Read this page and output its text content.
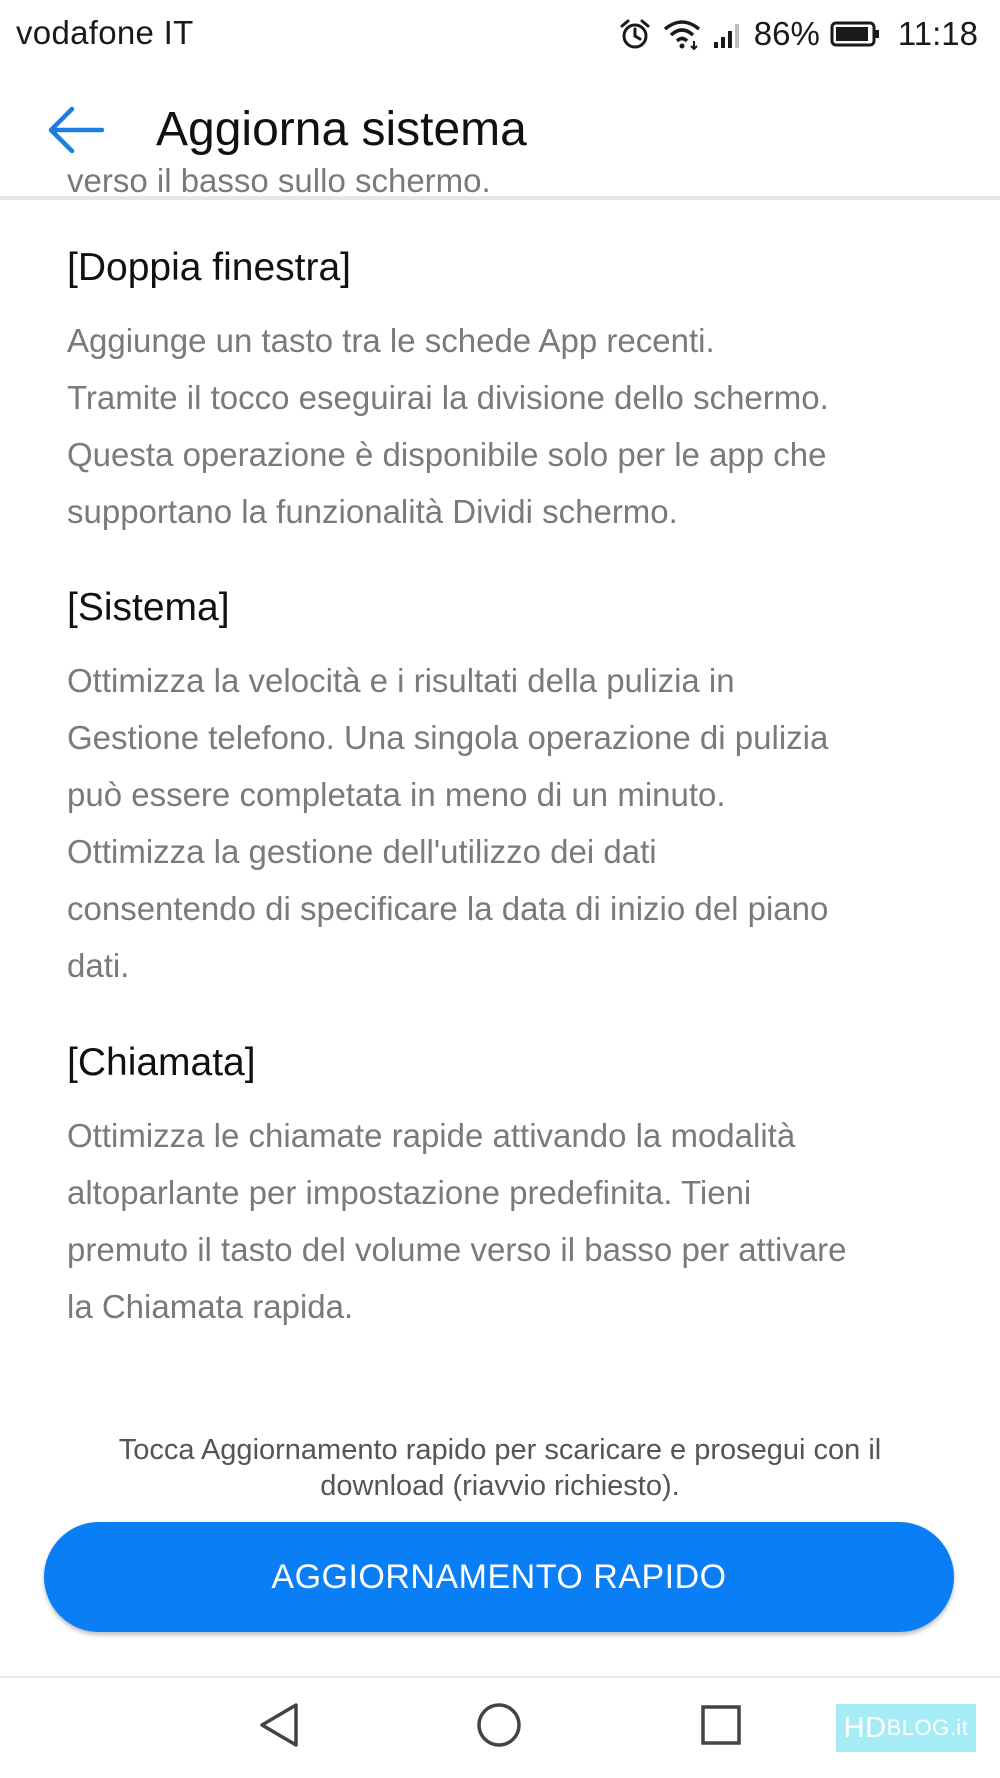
vodafone IT	86% 11:18
Aggiorna sistema
verso il basso sullo schermo.
[Doppia finestra]

Aggiunge un tasto tra le schede App recenti.
Tramite il tocco eseguirai la divisione dello schermo.
Questa operazione è disponibile solo per le app che
supportano la funzionalità Dividi schermo.

[Sistema]

Ottimizza la velocità e i risultati della pulizia in
Gestione telefono. Una singola operazione di pulizia
può essere completata in meno di un minuto.
Ottimizza la gestione dell'utilizzo dei dati
consentendo di specificare la data di inizio del piano
dati.

[Chiamata]

Ottimizza le chiamate rapide attivando la modalità
altoparlante per impostazione predefinita. Tieni
premuto il tasto del volume verso il basso per attivare
la Chiamata rapida.

Tocca Aggiornamento rapido per scaricare e prosegui con il
download (riavvio richiesto).
AGGIORNAMENTO RAPIDO
HD BLOG.it
